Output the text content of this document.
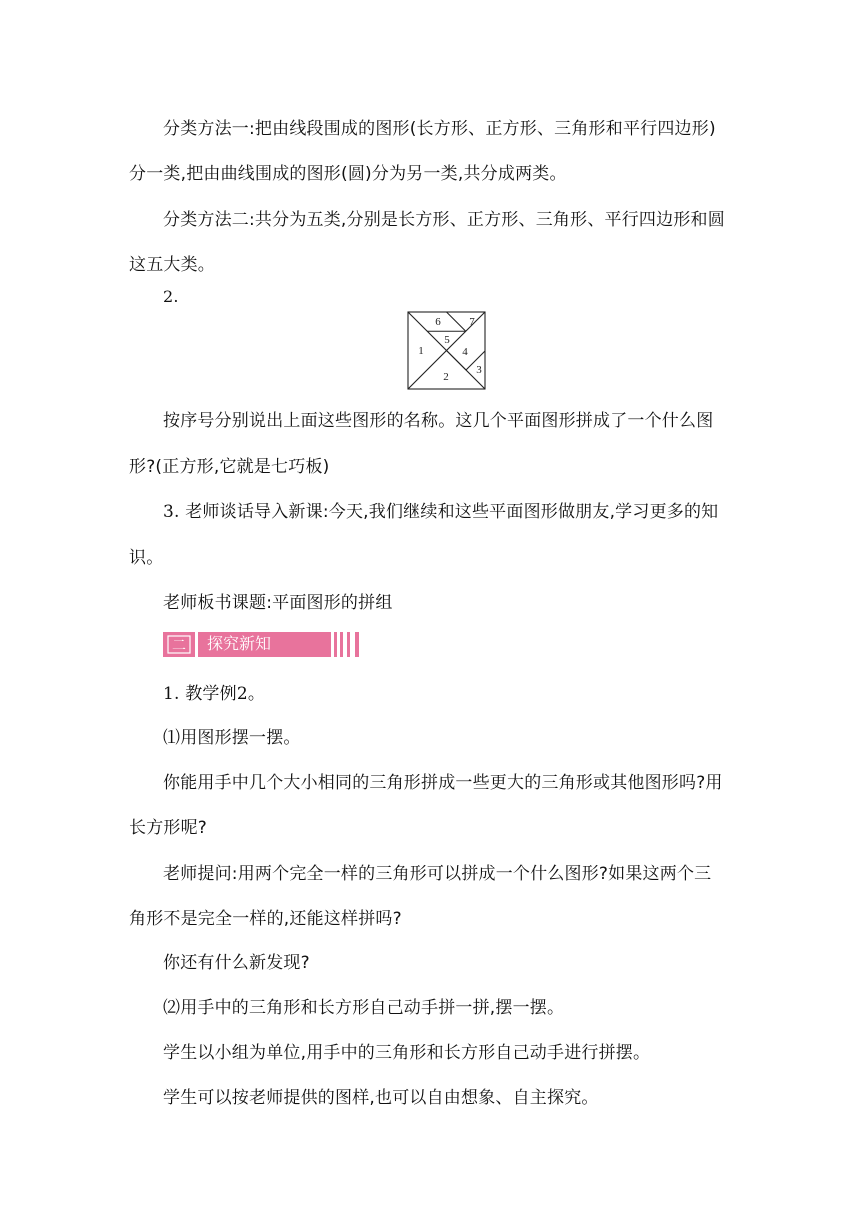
分类方法一:把由线段围成的图形(长方形、正方形、三角形和平行四边形)
分一类,把由曲线围成的图形(圆)分为另一类,共分成两类。
分类方法二:共分为五类,分别是长方形、正方形、三角形、平行四边形和圆
这五大类。
2.
1
2
3
4
5
6	7
按序号分别说出上面这些图形的名称。这几个平面图形拼成了一个什么图
形?(正方形,它就是七巧板)
3. 老师谈话导入新课:今天,我们继续和这些平面图形做朋友,学习更多的知
识。
老师板书课题:平面图形的拼组
二 探究新知
1. 教学例2。
⑴用图形摆一摆。
你能用手中几个大小相同的三角形拼成一些更大的三角形或其他图形吗?用
长方形呢?
老师提问:用两个完全一样的三角形可以拼成一个什么图形?如果这两个三
角形不是完全一样的,还能这样拼吗?
你还有什么新发现?
⑵用手中的三角形和长方形自己动手拼一拼,摆一摆。
学生以小组为单位,用手中的三角形和长方形自己动手进行拼摆。
学生可以按老师提供的图样,也可以自由想象、自主探究。
